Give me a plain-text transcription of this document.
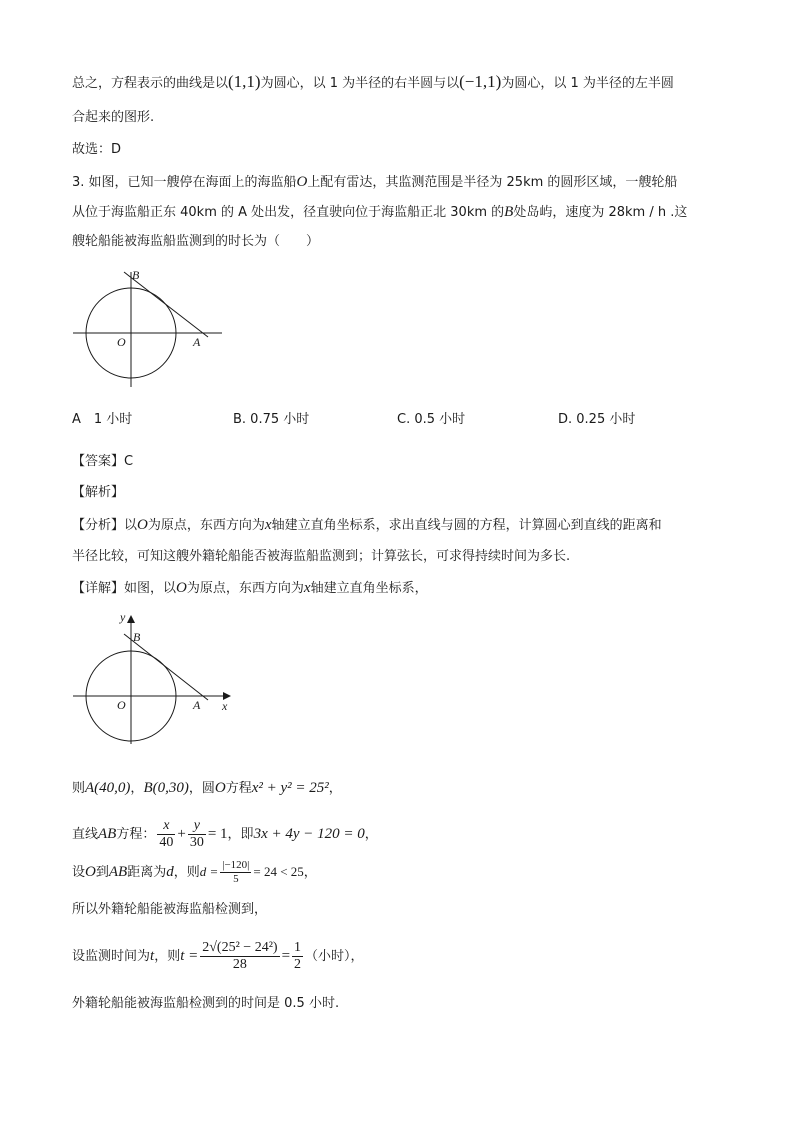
总之，方程表示的曲线是以(1,1)为圆心，以 1 为半径的右半圆与以(−1,1)为圆心，以 1 为半径的左半圆
合起来的图形.
故选：D
3. 如图，已知一艘停在海面上的海监船O上配有雷达，其监测范围是半径为 25km 的圆形区域，一艘轮船
从位于海监船正东 40km 的 A 处出发，径直驶向位于海监船正北 30km 的B处岛屿，速度为 28km / h .这
艘轮船能被海监船监测到的时长为（　　）
B
O	A
A　1 小时	B. 0.75 小时	C. 0.5 小时	D. 0.25 小时
【答案】C
【解析】
【分析】以O为原点，东西方向为x轴建立直角坐标系，求出直线与圆的方程，计算圆心到直线的距离和
半径比较，可知这艘外籍轮船能否被海监船监测到；计算弦长，可求得持续时间为多长.
【详解】如图，以O为原点，东西方向为x轴建立直角坐标系，
y
B
O	A x
则A(40,0)，B(0,30)，圆O方程x² + y² = 25²，
直线AB方程： $\frac{x}{40} + \frac{y}{30} = 1$，即3x + 4y − 120 = 0，
设O到AB距离为d，则$d = \frac{|-120|}{5} = 24 < 25$，
所以外籍轮船能被海监船检测到，
设监测时间为t，则$t = \frac{\text{2√(25² − 24²)}}{28} = \frac{1}{2}$ （小时），
外籍轮船能被海监船检测到的时间是 0.5 小时.
